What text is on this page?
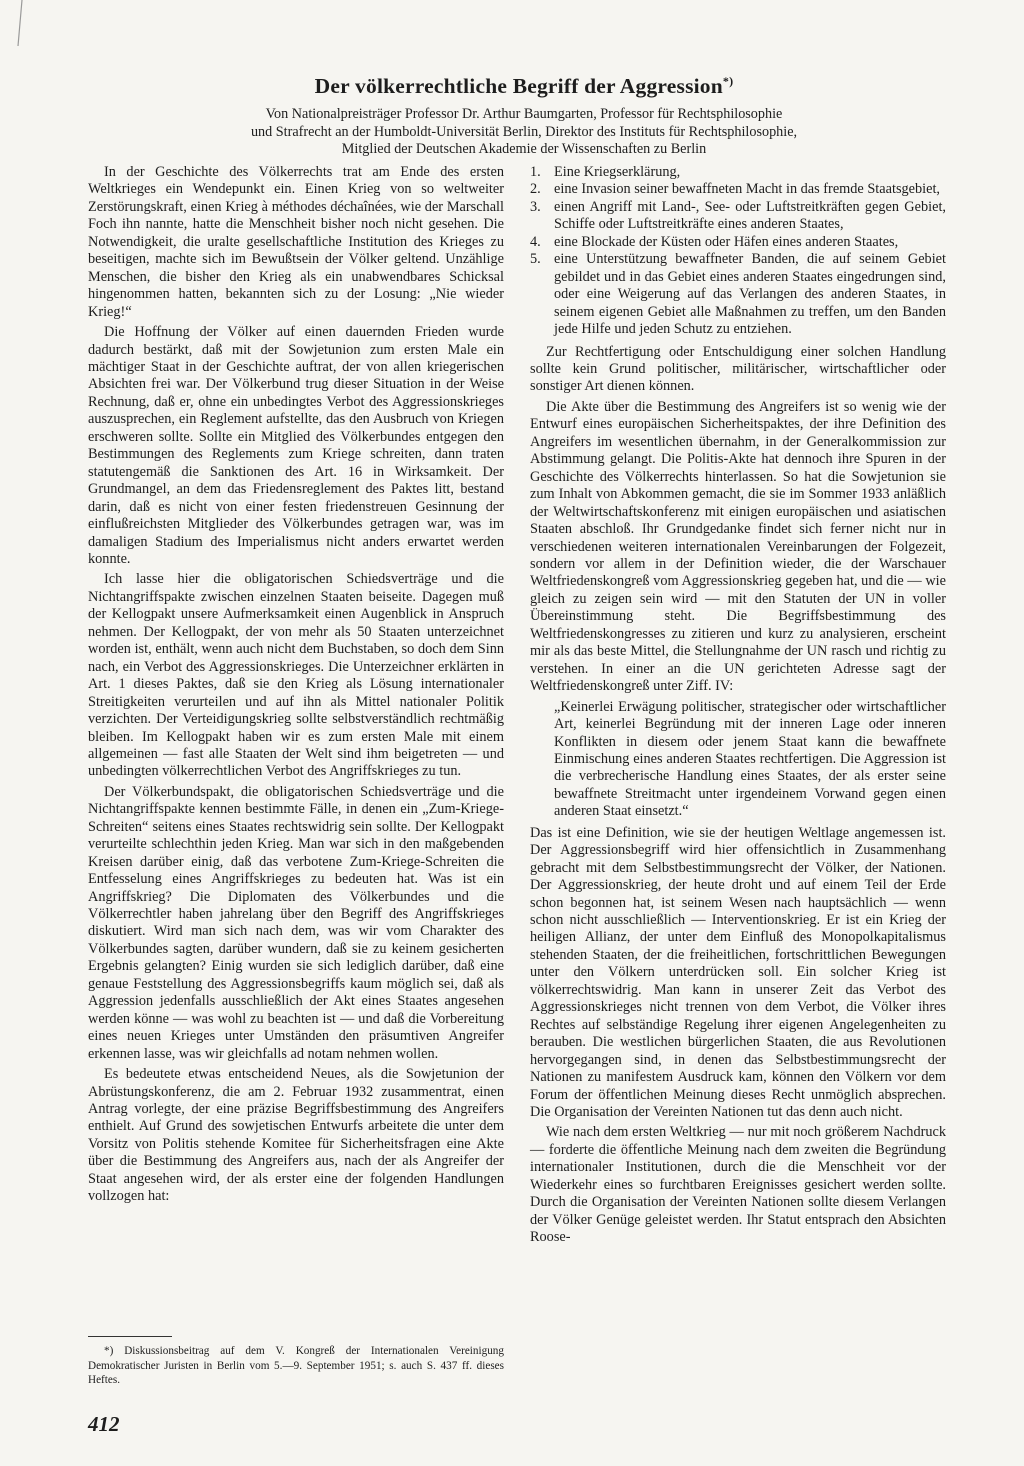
Der völkerrechtliche Begriff der Aggression*)
Von Nationalpreisträger Professor Dr. Arthur Baumgarten, Professor für Rechtsphilosophie
und Strafrecht an der Humboldt-Universität Berlin, Direktor des Instituts für Rechtsphilosophie,
Mitglied der Deutschen Akademie der Wissenschaften zu Berlin

In der Geschichte des Völkerrechts trat am Ende des ersten Weltkrieges ein Wendepunkt ein. Einen Krieg von so weltweiter Zerstörungskraft, einen Krieg à méthodes déchaînées, wie der Marschall Foch ihn nannte, hatte die Menschheit bisher noch nicht gesehen. Die Notwendigkeit, die uralte gesellschaftliche Institution des Krieges zu beseitigen, machte sich im Bewußtsein der Völker geltend. Unzählige Menschen, die bisher den Krieg als ein unabwendbares Schicksal hingenommen hatten, bekannten sich zu der Losung: „Nie wieder Krieg!“

Die Hoffnung der Völker auf einen dauernden Frieden wurde dadurch bestärkt, daß mit der Sowjetunion zum ersten Male ein mächtiger Staat in der Geschichte auftrat, der von allen kriegerischen Absichten frei war. Der Völkerbund trug dieser Situation in der Weise Rechnung, daß er, ohne ein unbedingtes Verbot des Aggressionskrieges auszusprechen, ein Reglement aufstellte, das den Ausbruch von Kriegen erschweren sollte. Sollte ein Mitglied des Völkerbundes entgegen den Bestimmungen des Reglements zum Kriege schreiten, dann traten statutengemäß die Sanktionen des Art. 16 in Wirksamkeit. Der Grundmangel, an dem das Friedensreglement des Paktes litt, bestand darin, daß es nicht von einer festen friedenstreuen Gesinnung der einflußreichsten Mitglieder des Völkerbundes getragen war, was im damaligen Stadium des Imperialismus nicht anders erwartet werden konnte.

Ich lasse hier die obligatorischen Schiedsverträge und die Nichtangriffspakte zwischen einzelnen Staaten beiseite. Dagegen muß der Kellogpakt unsere Aufmerksamkeit einen Augenblick in Anspruch nehmen. Der Kellogpakt, der von mehr als 50 Staaten unterzeichnet worden ist, enthält, wenn auch nicht dem Buchstaben, so doch dem Sinn nach, ein Verbot des Aggressionskrieges. Die Unterzeichner erklärten in Art. 1 dieses Paktes, daß sie den Krieg als Lösung internationaler Streitigkeiten verurteilen und auf ihn als Mittel nationaler Politik verzichten. Der Verteidigungskrieg sollte selbstverständlich rechtmäßig bleiben. Im Kellogpakt haben wir es zum ersten Male mit einem allgemeinen — fast alle Staaten der Welt sind ihm beigetreten — und unbedingten völkerrechtlichen Verbot des Angriffskrieges zu tun.

Der Völkerbundspakt, die obligatorischen Schiedsverträge und die Nichtangriffspakte kennen bestimmte Fälle, in denen ein „Zum-Kriege-Schreiten“ seitens eines Staates rechtswidrig sein sollte. Der Kellogpakt verurteilte schlechthin jeden Krieg. Man war sich in den maßgebenden Kreisen darüber einig, daß das verbotene Zum-Kriege-Schreiten die Entfesselung eines Angriffskrieges zu bedeuten hat. Was ist ein Angriffskrieg? Die Diplomaten des Völkerbundes und die Völkerrechtler haben jahrelang über den Begriff des Angriffskrieges diskutiert. Wird man sich nach dem, was wir vom Charakter des Völkerbundes sagten, darüber wundern, daß sie zu keinem gesicherten Ergebnis gelangten? Einig wurden sie sich lediglich darüber, daß eine genaue Feststellung des Aggressionsbegriffs kaum möglich sei, daß als Aggression jedenfalls ausschließlich der Akt eines Staates angesehen werden könne — was wohl zu beachten ist — und daß die Vorbereitung eines neuen Krieges unter Umständen den präsumtiven Angreifer erkennen lasse, was wir gleichfalls ad notam nehmen wollen.

Es bedeutete etwas entscheidend Neues, als die Sowjetunion der Abrüstungskonferenz, die am 2. Februar 1932 zusammentrat, einen Antrag vorlegte, der eine präzise Begriffsbestimmung des Angreifers enthielt. Auf Grund des sowjetischen Entwurfs arbeitete die unter dem Vorsitz von Politis stehende Komitee für Sicherheitsfragen eine Akte über die Bestimmung des Angreifers aus, nach der als Angreifer der Staat angesehen wird, der als erster eine der folgenden Handlungen vollzogen hat:

1. Eine Kriegserklärung,
2. eine Invasion seiner bewaffneten Macht in das fremde Staatsgebiet,
3. einen Angriff mit Land-, See- oder Luftstreitkräften gegen Gebiet, Schiffe oder Luftstreitkräfte eines anderen Staates,
4. eine Blockade der Küsten oder Häfen eines anderen Staates,
5. eine Unterstützung bewaffneter Banden, die auf seinem Gebiet gebildet und in das Gebiet eines anderen Staates eingedrungen sind, oder eine Weigerung auf das Verlangen des anderen Staates, in seinem eigenen Gebiet alle Maßnahmen zu treffen, um den Banden jede Hilfe und jeden Schutz zu entziehen.

Zur Rechtfertigung oder Entschuldigung einer solchen Handlung sollte kein Grund politischer, militärischer, wirtschaftlicher oder sonstiger Art dienen können.

Die Akte über die Bestimmung des Angreifers ist so wenig wie der Entwurf eines europäischen Sicherheitspaktes, der ihre Definition des Angreifers im wesentlichen übernahm, in der Generalkommission zur Abstimmung gelangt. Die Politis-Akte hat dennoch ihre Spuren in der Geschichte des Völkerrechts hinterlassen. So hat die Sowjetunion sie zum Inhalt von Abkommen gemacht, die sie im Sommer 1933 anläßlich der Weltwirtschaftskonferenz mit einigen europäischen und asiatischen Staaten abschloß. Ihr Grundgedanke findet sich ferner nicht nur in verschiedenen weiteren internationalen Vereinbarungen der Folgezeit, sondern vor allem in der Definition wieder, die der Warschauer Weltfriedenskongreß vom Aggressionskrieg gegeben hat, und die — wie gleich zu zeigen sein wird — mit den Statuten der UN in voller Übereinstimmung steht. Die Begriffsbestimmung des Weltfriedenskongresses zu zitieren und kurz zu analysieren, erscheint mir als das beste Mittel, die Stellungnahme der UN rasch und richtig zu verstehen. In einer an die UN gerichteten Adresse sagt der Weltfriedenskongreß unter Ziff. IV:

„Keinerlei Erwägung politischer, strategischer oder wirtschaftlicher Art, keinerlei Begründung mit der inneren Lage oder inneren Konflikten in diesem oder jenem Staat kann die bewaffnete Einmischung eines anderen Staates rechtfertigen. Die Aggression ist die verbrecherische Handlung eines Staates, der als erster seine bewaffnete Streitmacht unter irgendeinem Vorwand gegen einen anderen Staat einsetzt.“

Das ist eine Definition, wie sie der heutigen Weltlage angemessen ist. Der Aggressionsbegriff wird hier offensichtlich in Zusammenhang gebracht mit dem Selbstbestimmungsrecht der Völker, der Nationen. Der Aggressionskrieg, der heute droht und auf einem Teil der Erde schon begonnen hat, ist seinem Wesen nach hauptsächlich — wenn schon nicht ausschließlich — Interventionskrieg. Er ist ein Krieg der heiligen Allianz, der unter dem Einfluß des Monopolkapitalismus stehenden Staaten, der die freiheitlichen, fortschrittlichen Bewegungen unter den Völkern unterdrücken soll. Ein solcher Krieg ist völkerrechtswidrig. Man kann in unserer Zeit das Verbot des Aggressionskrieges nicht trennen von dem Verbot, die Völker ihres Rechtes auf selbständige Regelung ihrer eigenen Angelegenheiten zu berauben. Die westlichen bürgerlichen Staaten, die aus Revolutionen hervorgegangen sind, in denen das Selbstbestimmungsrecht der Nationen zu manifestem Ausdruck kam, können den Völkern vor dem Forum der öffentlichen Meinung dieses Recht unmöglich absprechen. Die Organisation der Vereinten Nationen tut das denn auch nicht.

Wie nach dem ersten Weltkrieg — nur mit noch größerem Nachdruck — forderte die öffentliche Meinung nach dem zweiten die Begründung internationaler Institutionen, durch die die Menschheit vor der Wiederkehr eines so furchtbaren Ereignisses gesichert werden sollte. Durch die Organisation der Vereinten Nationen sollte diesem Verlangen der Völker Genüge geleistet werden. Ihr Statut entsprach den Absichten Roose-

*) Diskussionsbeitrag auf dem V. Kongreß der Internationalen Vereinigung Demokratischer Juristen in Berlin vom 5.—9. September 1951; s. auch S. 437 ff. dieses Heftes.
412
